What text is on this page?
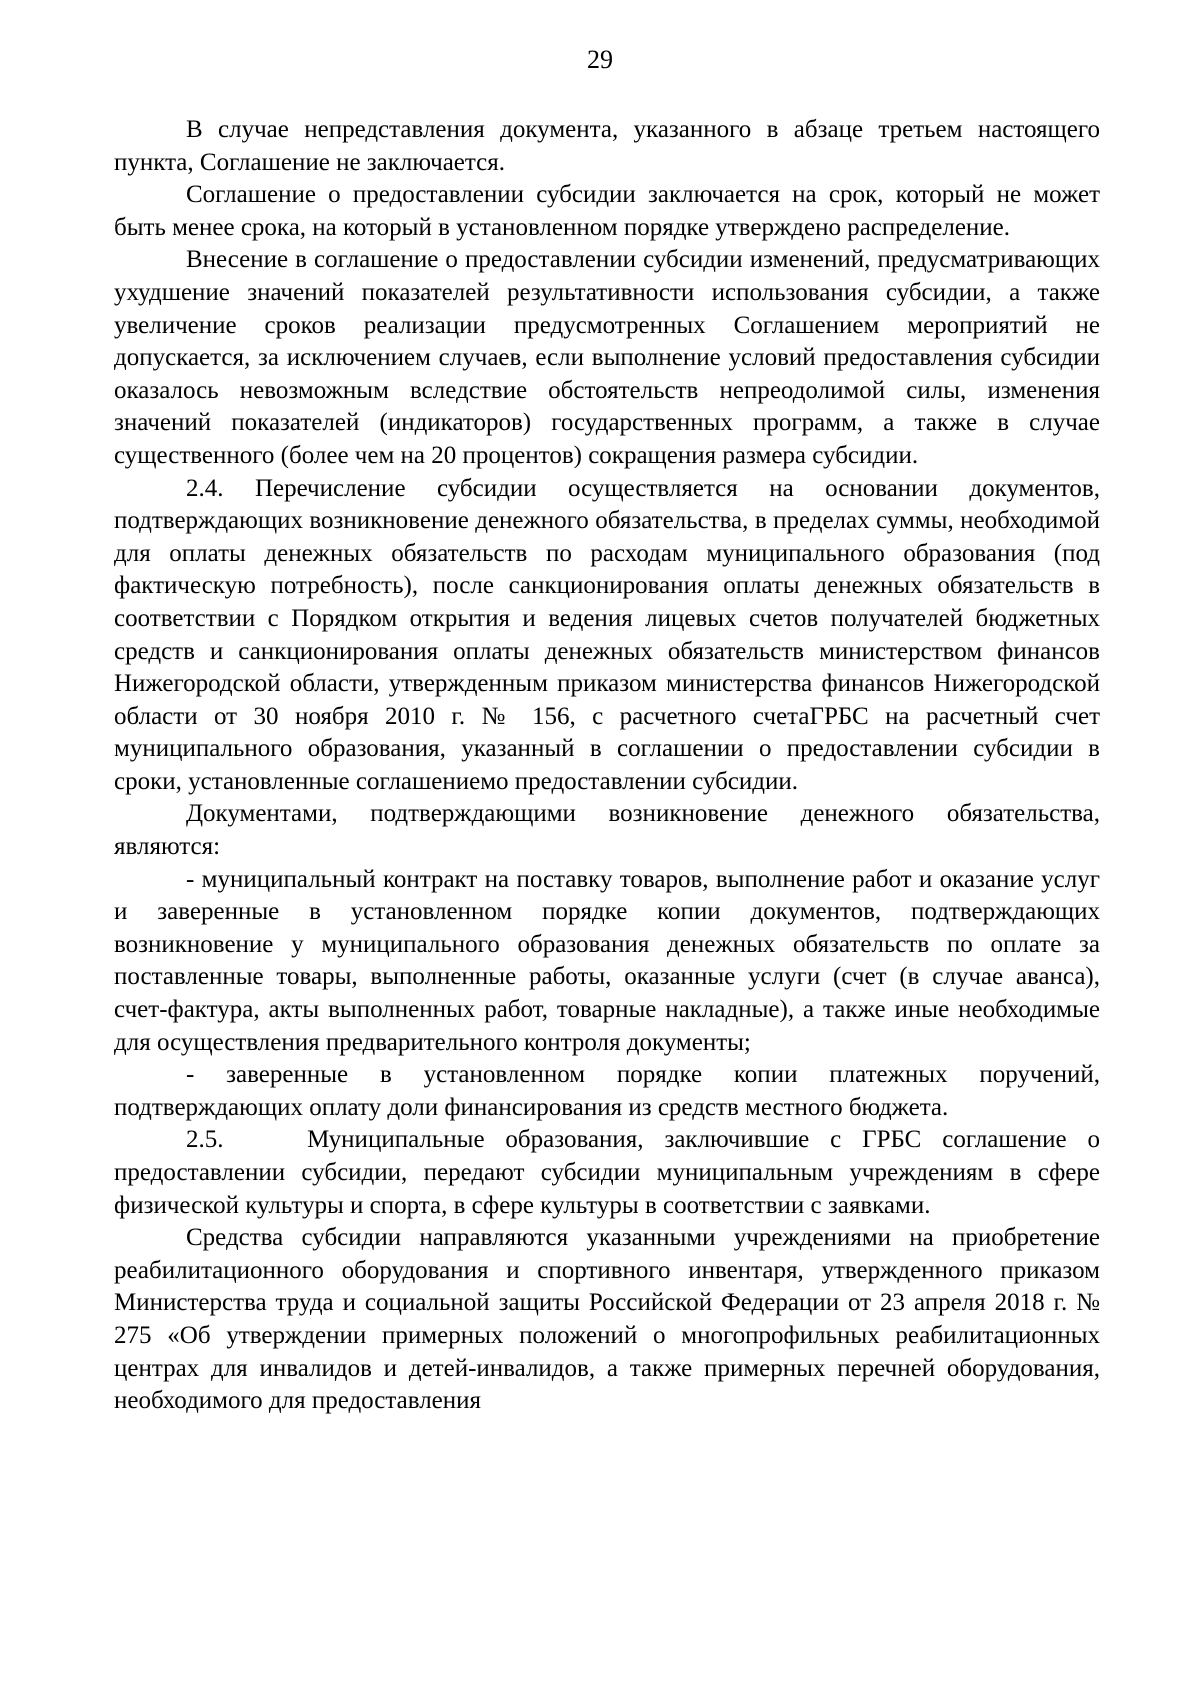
29

В случае непредставления документа, указанного в абзаце третьем настоящего пункта, Соглашение не заключается.

Соглашение о предоставлении субсидии заключается на срок, который не может быть менее срока, на который в установленном порядке утверждено распределение.

Внесение в соглашение о предоставлении субсидии изменений, предусматривающих ухудшение значений показателей результативности использования субсидии, а также увеличение сроков реализации предусмотренных Соглашением мероприятий не допускается, за исключением случаев, если выполнение условий предоставления субсидии оказалось невозможным вследствие обстоятельств непреодолимой силы, изменения значений показателей (индикаторов) государственных программ, а также в случае существенного (более чем на 20 процентов) сокращения размера субсидии.

2.4. Перечисление субсидии осуществляется на основании документов, подтверждающих возникновение денежного обязательства, в пределах суммы, необходимой для оплаты денежных обязательств по расходам муниципального образования (под фактическую потребность), после санкционирования оплаты денежных обязательств в соответствии с Порядком открытия и ведения лицевых счетов получателей бюджетных средств и санкционирования оплаты денежных обязательств министерством финансов Нижегородской области, утвержденным приказом министерства финансов Нижегородской области от 30 ноября 2010 г. № 156, с расчетного счетаГРБС на расчетный счет муниципального образования, указанный в соглашении о предоставлении субсидии в сроки, установленные соглашениемо предоставлении субсидии.

Документами, подтверждающими возникновение денежного обязательства, являются:

- муниципальный контракт на поставку товаров, выполнение работ и оказание услуг и заверенные в установленном порядке копии документов, подтверждающих возникновение у муниципального образования денежных обязательств по оплате за поставленные товары, выполненные работы, оказанные услуги (счет (в случае аванса), счет-фактура, акты выполненных работ, товарные накладные), а также иные необходимые для осуществления предварительного контроля документы;

- заверенные в установленном порядке копии платежных поручений, подтверждающих оплату доли финансирования из средств местного бюджета.

2.5.    Муниципальные образования, заключившие с ГРБС соглашение о предоставлении субсидии, передают субсидии муниципальным учреждениям в сфере физической культуры и спорта, в сфере культуры в соответствии с заявками.

Средства субсидии направляются указанными учреждениями на приобретение реабилитационного оборудования и спортивного инвентаря, утвержденного приказом Министерства труда и социальной защиты Российской Федерации от 23 апреля 2018 г. № 275 «Об утверждении примерных положений о многопрофильных реабилитационных центрах для инвалидов и детей-инвалидов, а также примерных перечней оборудования, необходимого для предоставления
